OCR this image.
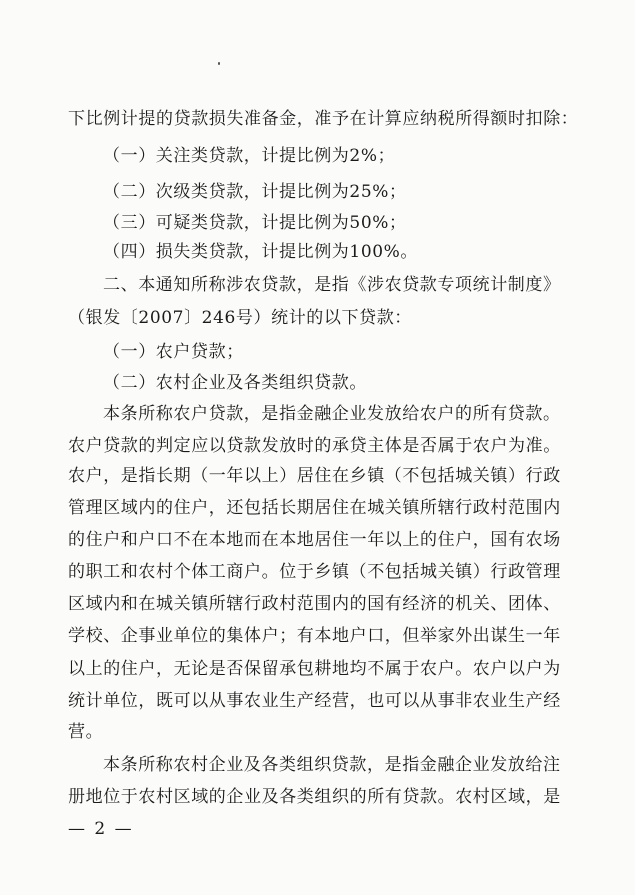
下比例计提的贷款损失准备金，准予在计算应纳税所得额时扣除：
（一）关注类贷款，计提比例为2%；
（二）次级类贷款，计提比例为25%；
（三）可疑类贷款，计提比例为50%；
（四）损失类贷款，计提比例为100%。
二、本通知所称涉农贷款，是指《涉农贷款专项统计制度》
（银发〔2007〕246号）统计的以下贷款：
（一）农户贷款；
（二）农村企业及各类组织贷款。
本条所称农户贷款，是指金融企业发放给农户的所有贷款。
农户贷款的判定应以贷款发放时的承贷主体是否属于农户为准。
农户，是指长期（一年以上）居住在乡镇（不包括城关镇）行政
管理区域内的住户，还包括长期居住在城关镇所辖行政村范围内
的住户和户口不在本地而在本地居住一年以上的住户，国有农场
的职工和农村个体工商户。位于乡镇（不包括城关镇）行政管理
区域内和在城关镇所辖行政村范围内的国有经济的机关、团体、
学校、企事业单位的集体户；有本地户口，但举家外出谋生一年
以上的住户，无论是否保留承包耕地均不属于农户。农户以户为
统计单位，既可以从事农业生产经营，也可以从事非农业生产经
营。
本条所称农村企业及各类组织贷款，是指金融企业发放给注
册地位于农村区域的企业及各类组织的所有贷款。农村区域，是
— 2 —
